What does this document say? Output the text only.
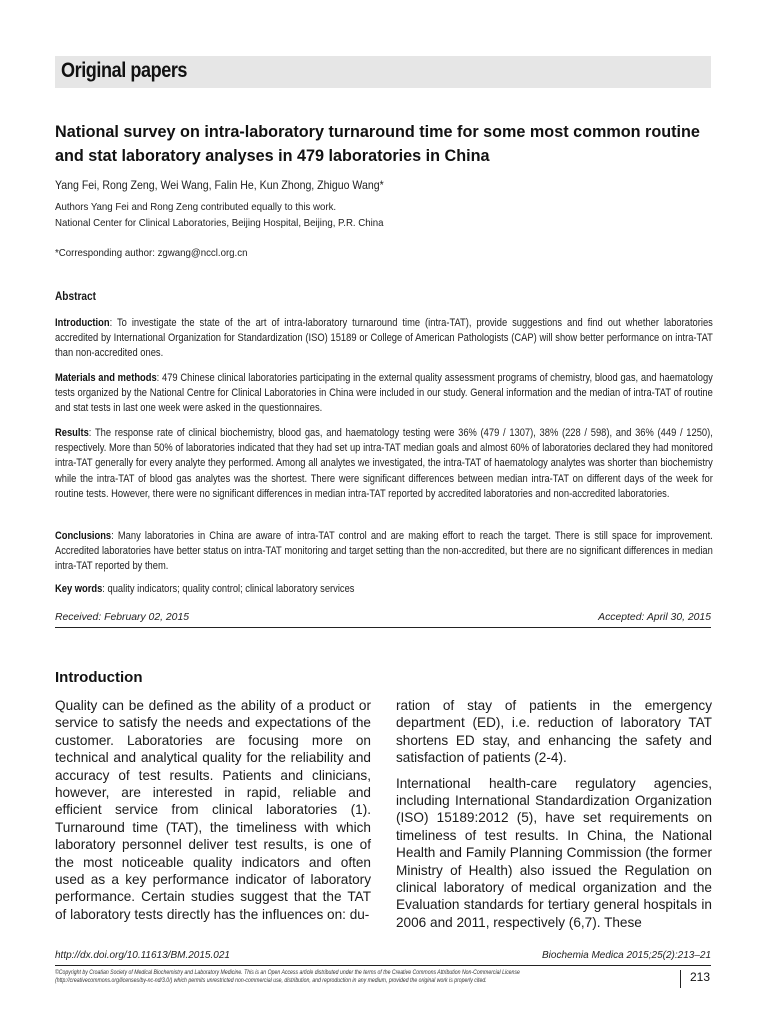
Original papers
National survey on intra-laboratory turnaround time for some most common routine and stat laboratory analyses in 479 laboratories in China
Yang Fei, Rong Zeng, Wei Wang, Falin He, Kun Zhong, Zhiguo Wang*
Authors Yang Fei and Rong Zeng contributed equally to this work.
National Center for Clinical Laboratories, Beijing Hospital, Beijing, P.R. China
*Corresponding author: zgwang@nccl.org.cn
Abstract
Introduction: To investigate the state of the art of intra-laboratory turnaround time (intra-TAT), provide suggestions and find out whether laboratories accredited by International Organization for Standardization (ISO) 15189 or College of American Pathologists (CAP) will show better performance on intra-TAT than non-accredited ones.
Materials and methods: 479 Chinese clinical laboratories participating in the external quality assessment programs of chemistry, blood gas, and haematology tests organized by the National Centre for Clinical Laboratories in China were included in our study. General information and the median of intra-TAT of routine and stat tests in last one week were asked in the questionnaires.
Results: The response rate of clinical biochemistry, blood gas, and haematology testing were 36% (479 / 1307), 38% (228 / 598), and 36% (449 / 1250), respectively. More than 50% of laboratories indicated that they had set up intra-TAT median goals and almost 60% of laboratories declared they had monitored intra-TAT generally for every analyte they performed. Among all analytes we investigated, the intra-TAT of haematology analytes was shorter than biochemistry while the intra-TAT of blood gas analytes was the shortest. There were significant differences between median intra-TAT on different days of the week for routine tests. However, there were no significant differences in median intra-TAT reported by accredited laboratories and non-accredited laboratories.
Conclusions: Many laboratories in China are aware of intra-TAT control and are making effort to reach the target. There is still space for improvement. Accredited laboratories have better status on intra-TAT monitoring and target setting than the non-accredited, but there are no significant differences in median intra-TAT reported by them.
Key words: quality indicators; quality control; clinical laboratory services
Received: February 02, 2015	Accepted: April 30, 2015
Introduction

Quality can be defined as the ability of a product or service to satisfy the needs and expectations of the customer. Laboratories are focusing more on technical and analytical quality for the reliability and accuracy of test results. Patients and clinicians, however, are interested in rapid, reliable and efficient service from clinical laboratories (1). Turnaround time (TAT), the timeliness with which laboratory personnel deliver test results, is one of the most noticeable quality indicators and often used as a key performance indicator of laboratory performance. Certain studies suggest that the TAT of laboratory tests directly has the influences on: du-

ration of stay of patients in the emergency department (ED), i.e. reduction of laboratory TAT shortens ED stay, and enhancing the safety and satisfaction of patients (2-4).

International health-care regulatory agencies, including International Standardization Organization (ISO) 15189:2012 (5), have set requirements on timeliness of test results. In China, the National Health and Family Planning Commission (the former Ministry of Health) also issued the Regulation on clinical laboratory of medical organization and the Evaluation standards for tertiary general hospitals in 2006 and 2011, respectively (6,7). These

http://dx.doi.org/10.11613/BM.2015.021	Biochemia Medica 2015;25(2):213–21
©Copyright by Croatian Society of Medical Biochemistry and Laboratory Medicine. This is an Open Access article distributed under the terms of the Creative Commons Attribution Non-Commercial License
(http://creativecommons.org/licenses/by-nc-nd/3.0/) which permits unrestricted non-commercial use, distribution, and reproduction in any medium, provided the original work is properly cited.	213
